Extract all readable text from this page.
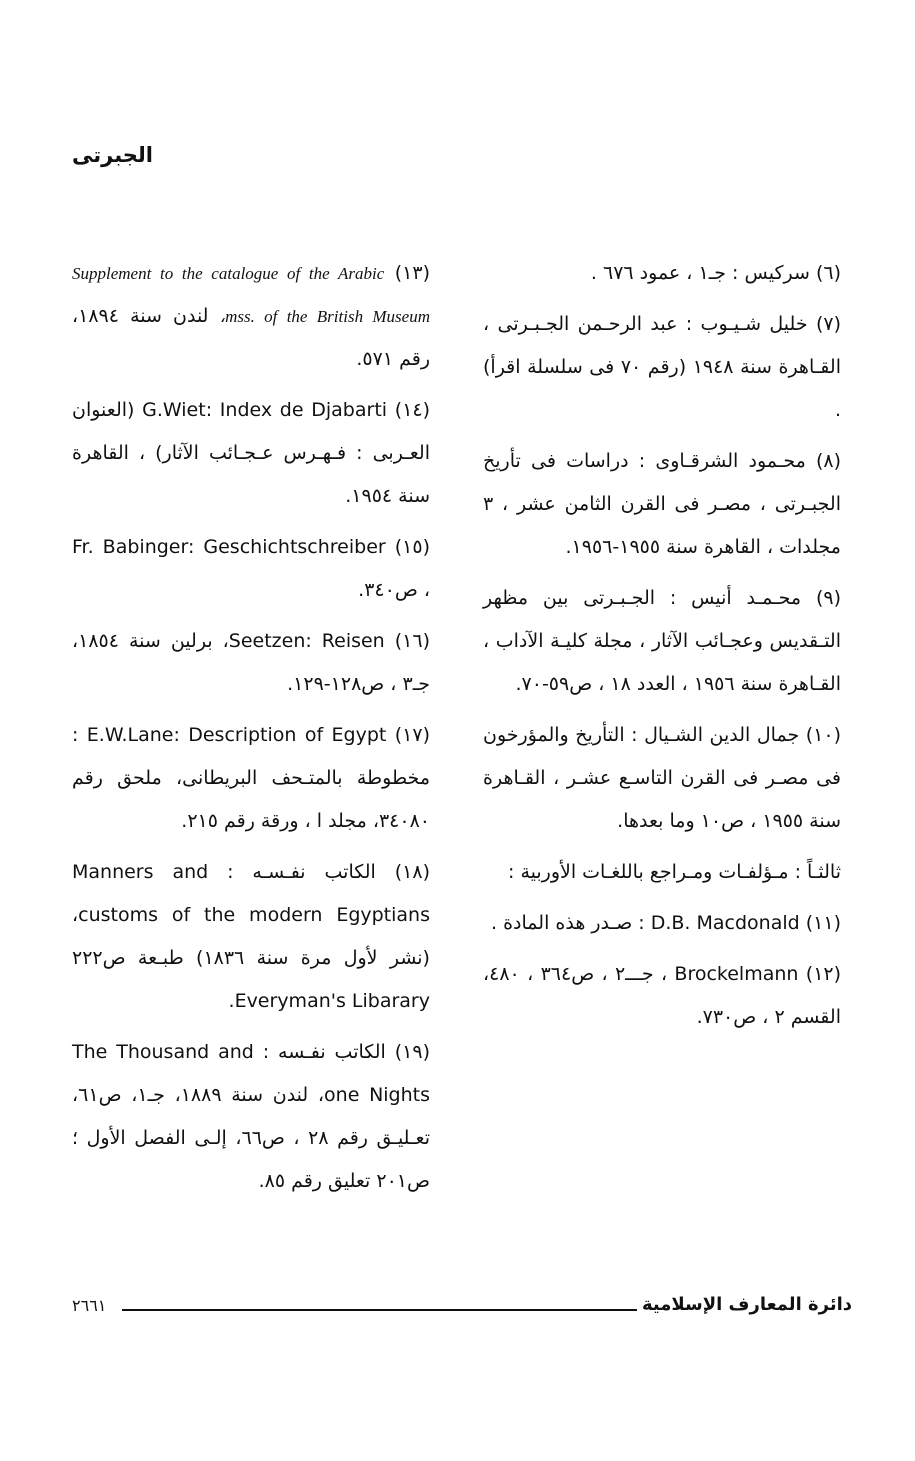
الجبرتى
(٦) سركيس : جـ١ ، عمود ٦٧٦ .
(٧) خليل شـيـوب : عبد الرحـمن الجـبـرتى ، القـاهرة سنة ١٩٤٨ (رقم ٧٠ فى سلسلة اقرأ) .
(٨) محـمود الشرقـاوى : دراسات فى تأريخ الجبـرتى ، مصـر فى القرن الثامن عشر ، ٣ مجلدات ، القاهرة سنة ١٩٥٥-١٩٥٦.
(٩) محـمـد أنيس : الجـبـرتى بين مظهر التـقديس وعجـائب الآثار ، مجلة كليـة الآداب ، القـاهرة سنة ١٩٥٦ ، العدد ١٨ ، ص٥٩-٧٠.
(١٠) جمال الدين الشـيال : التأريخ والمؤرخون فى مصـر فى القرن التاسـع عشـر ، القـاهرة سنة ١٩٥٥ ، ص١٠ وما بعدها.
ثالثـاً : مـؤلفـات ومـراجع باللغـات الأوربية :
(١١) D.B. Macdonald : صـدر هذه المادة .
(١٢) Brockelmann ، جـــ٢ ، ص٣٦٤ ، ٤٨٠، القسم ٢ ، ص٧٣٠.
(١٣) Supplement to the catalogue of the Arabic mss. of the British Museum، لندن سنة ١٨٩٤، رقم ٥٧١.
(١٤) G.Wiet: Index de Djabarti (العنوان العـربى : فـهـرس عـجـائب الآثار) ، القاهرة سنة ١٩٥٤.
(١٥) Fr. Babinger: Geschichtschreiber ، ص٣٤٠.
(١٦) Seetzen: Reisen، برلين سنة ١٨٥٤، جـ٣ ، ص١٢٨-١٢٩.
(١٧) E.W.Lane: Description of Egypt : مخطوطة بالمتـحف البريطانى، ملحق رقم ٣٤٠٨٠، مجلد ا ، ورقة رقم ٢١٥.
(١٨) الكاتب نفـسـه : Manners and customs of the modern Egyptians، (نشر لأول مرة سنة ١٨٣٦) طبـعة ص٢٢٢ Everyman's Libarary.
(١٩) الكاتب نفـسه : The Thousand and one Nights، لندن سنة ١٨٨٩، جـ١، ص٦١، تعـليـق رقم ٢٨ ، ص٦٦، إلـى الفصل الأول ؛ ص٢٠١ تعليق رقم ٨٥.
دائرة المعارف الإسلامية
٢٦٦١
